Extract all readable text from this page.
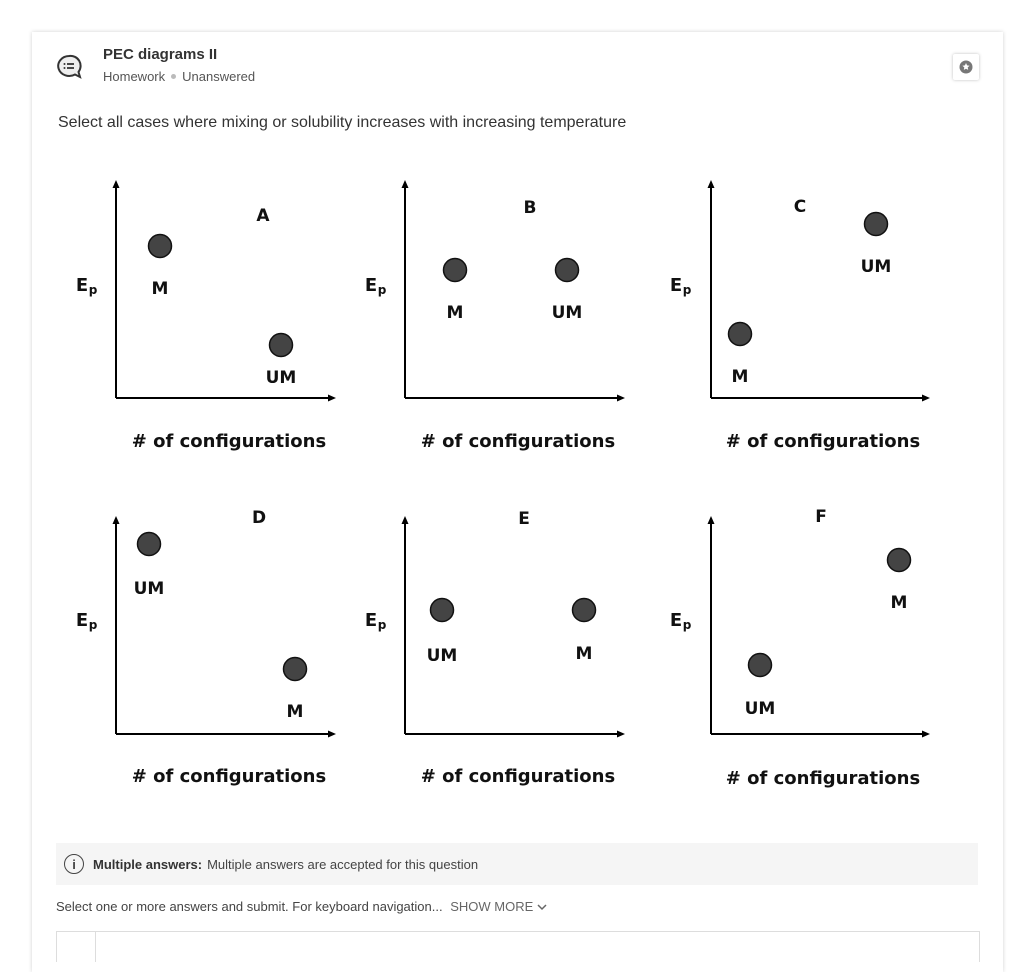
PEC diagrams II
Homework Unanswered
Select all cases where mixing or solubility increases with increasing temperature
A
E p
# of configurations
M
UM
B
E p
# of configurations
M	UM
C
E p
# of configurations
UM
M
D
E p
# of configurations
UM
M
E
E p
# of configurations
UM	M
F
E p
# of configurations
M
UM
i	Multiple answers: Multiple answers are accepted for this question
Select one or more answers and submit. For keyboard navigation... SHOW MORE
